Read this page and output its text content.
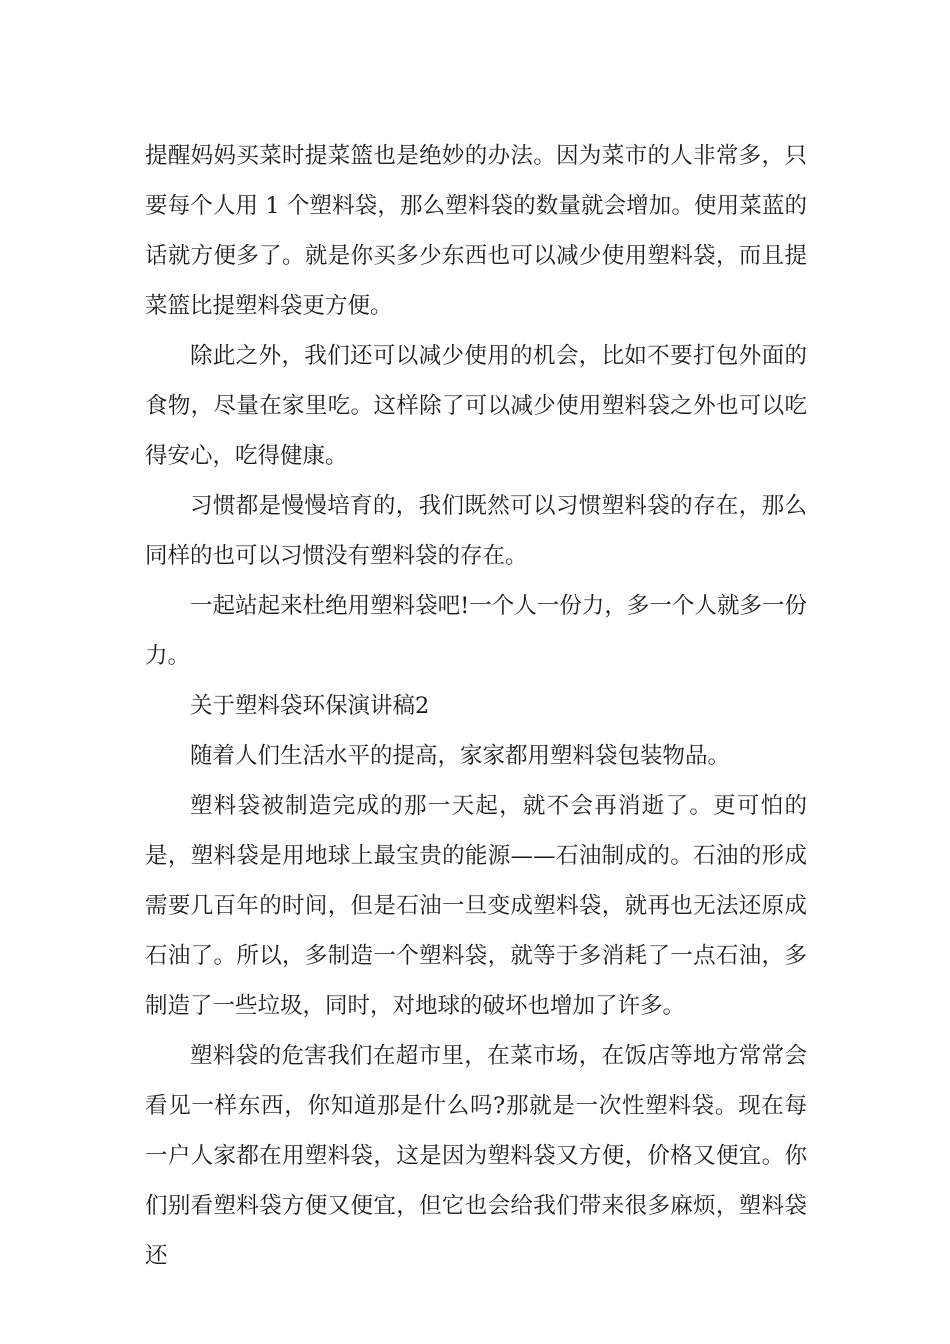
提醒妈妈买菜时提菜篮也是绝妙的办法。因为菜市的人非常多，只要每个人用 1 个塑料袋，那么塑料袋的数量就会增加。使用菜蓝的话就方便多了。就是你买多少东西也可以减少使用塑料袋，而且提菜篮比提塑料袋更方便。

除此之外，我们还可以减少使用的机会，比如不要打包外面的食物，尽量在家里吃。这样除了可以减少使用塑料袋之外也可以吃得安心，吃得健康。

习惯都是慢慢培育的，我们既然可以习惯塑料袋的存在，那么同样的也可以习惯没有塑料袋的存在。

一起站起来杜绝用塑料袋吧!一个人一份力，多一个人就多一份力。

关于塑料袋环保演讲稿2

随着人们生活水平的提高，家家都用塑料袋包装物品。

塑料袋被制造完成的那一天起，就不会再消逝了。更可怕的是，塑料袋是用地球上最宝贵的能源——石油制成的。石油的形成需要几百年的时间，但是石油一旦变成塑料袋，就再也无法还原成石油了。所以，多制造一个塑料袋，就等于多消耗了一点石油，多制造了一些垃圾，同时，对地球的破坏也增加了许多。

塑料袋的危害我们在超市里，在菜市场，在饭店等地方常常会看见一样东西，你知道那是什么吗?那就是一次性塑料袋。现在每一户人家都在用塑料袋，这是因为塑料袋又方便，价格又便宜。你们别看塑料袋方便又便宜，但它也会给我们带来很多麻烦，塑料袋还
